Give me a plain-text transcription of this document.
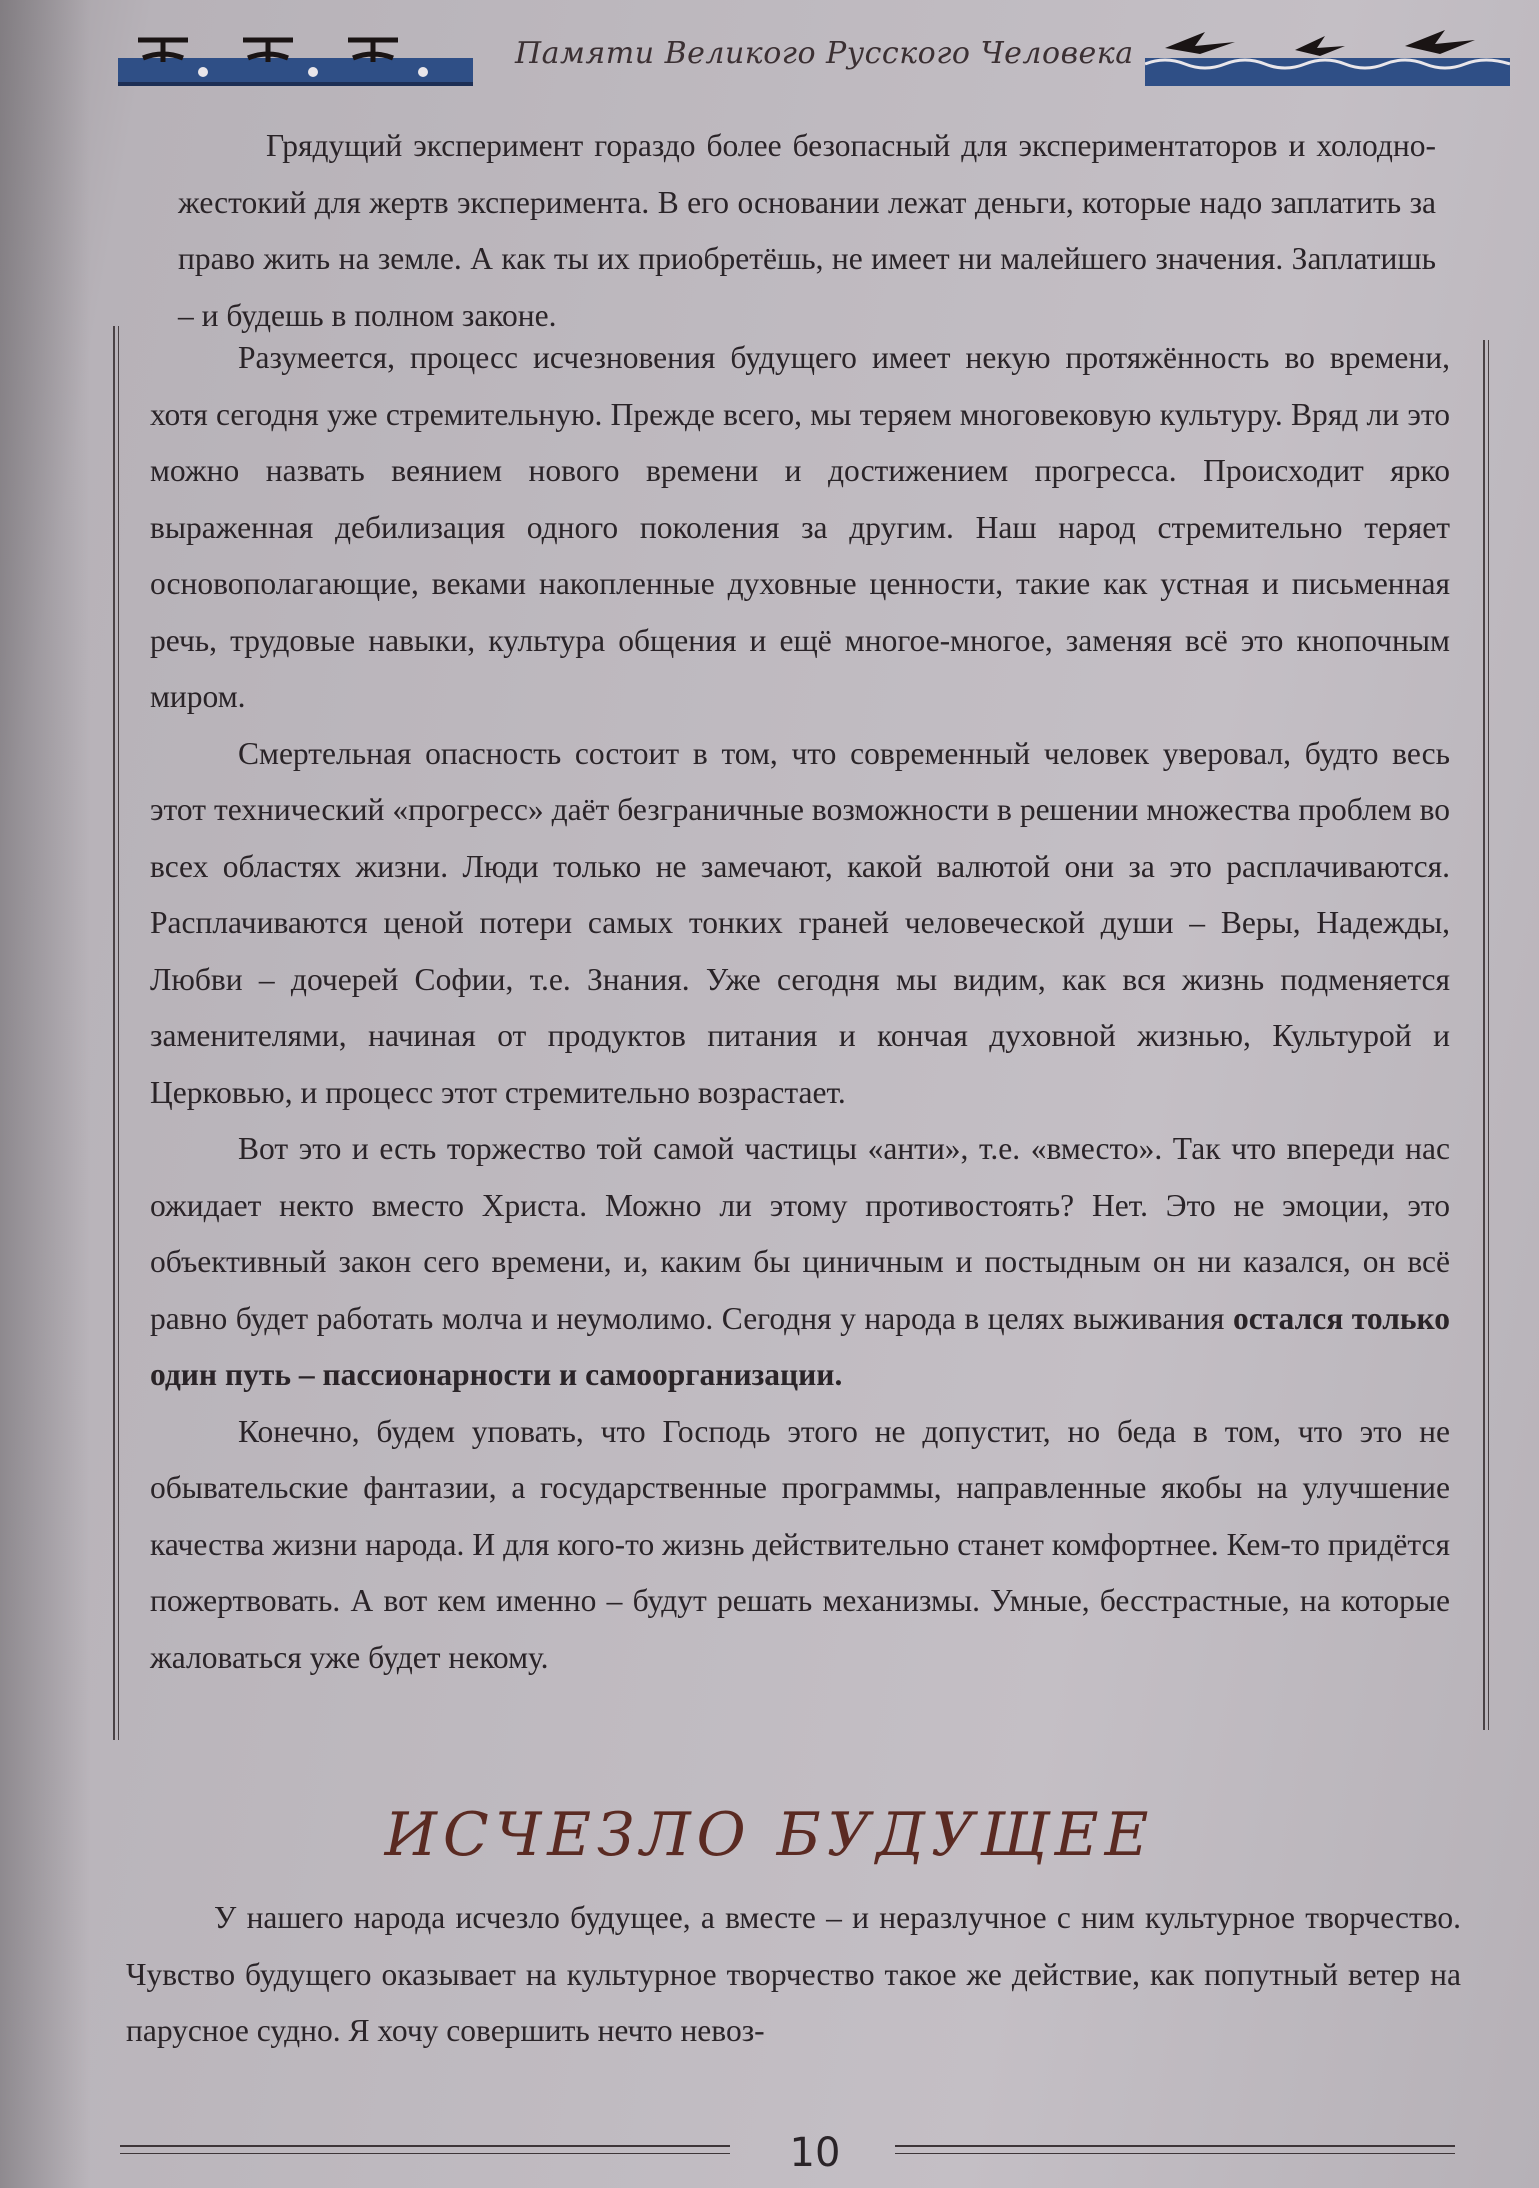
Памяти Великого Русского Человека

Грядущий эксперимент гораздо более безопасный для экспериментаторов и холодно-жестокий для жертв эксперимента. В его основании лежат деньги, которые надо заплатить за право жить на земле. А как ты их приобретёшь, не имеет ни малейшего значения. Заплатишь – и будешь в полном законе.

Разумеется, процесс исчезновения будущего имеет некую протяжённость во времени, хотя сегодня уже стремительную. Прежде всего, мы теряем многовековую культуру. Вряд ли это можно назвать веянием нового времени и достижением прогресса. Происходит ярко выраженная дебилизация одного поколения за другим. Наш народ стремительно теряет основополагающие, веками накопленные духовные ценности, такие как устная и письменная речь, трудовые навыки, культура общения и ещё многое-многое, заменяя всё это кнопочным миром.

Смертельная опасность состоит в том, что современный человек уверовал, будто весь этот технический «прогресс» даёт безграничные возможности в решении множества проблем во всех областях жизни. Люди только не замечают, какой валютой они за это расплачиваются. Расплачиваются ценой потери самых тонких граней человеческой души – Веры, Надежды, Любви – дочерей Софии, т.е. Знания. Уже сегодня мы видим, как вся жизнь подменяется заменителями, начиная от продуктов питания и кончая духовной жизнью, Культурой и Церковью, и процесс этот стремительно возрастает.

Вот это и есть торжество той самой частицы «анти», т.е. «вместо». Так что впереди нас ожидает некто вместо Христа. Можно ли этому противостоять? Нет. Это не эмоции, это объективный закон сего времени, и, каким бы циничным и постыдным он ни казался, он всё равно будет работать молча и неумолимо. Сегодня у народа в целях выживания остался только один путь – пассионарности и самоорганизации.

Конечно, будем уповать, что Господь этого не допустит, но беда в том, что это не обывательские фантазии, а государственные программы, направленные якобы на улучшение качества жизни народа. И для кого-то жизнь действительно станет комфортнее. Кем-то придётся пожертвовать. А вот кем именно – будут решать механизмы. Умные, бесстрастные, на которые жаловаться уже будет некому.

ИСЧЕЗЛО БУДУЩЕЕ

У нашего народа исчезло будущее, а вместе – и неразлучное с ним культурное творчество. Чувство будущего оказывает на культурное творчество такое же действие, как попутный ветер на парусное судно. Я хочу совершить нечто невоз-

10
